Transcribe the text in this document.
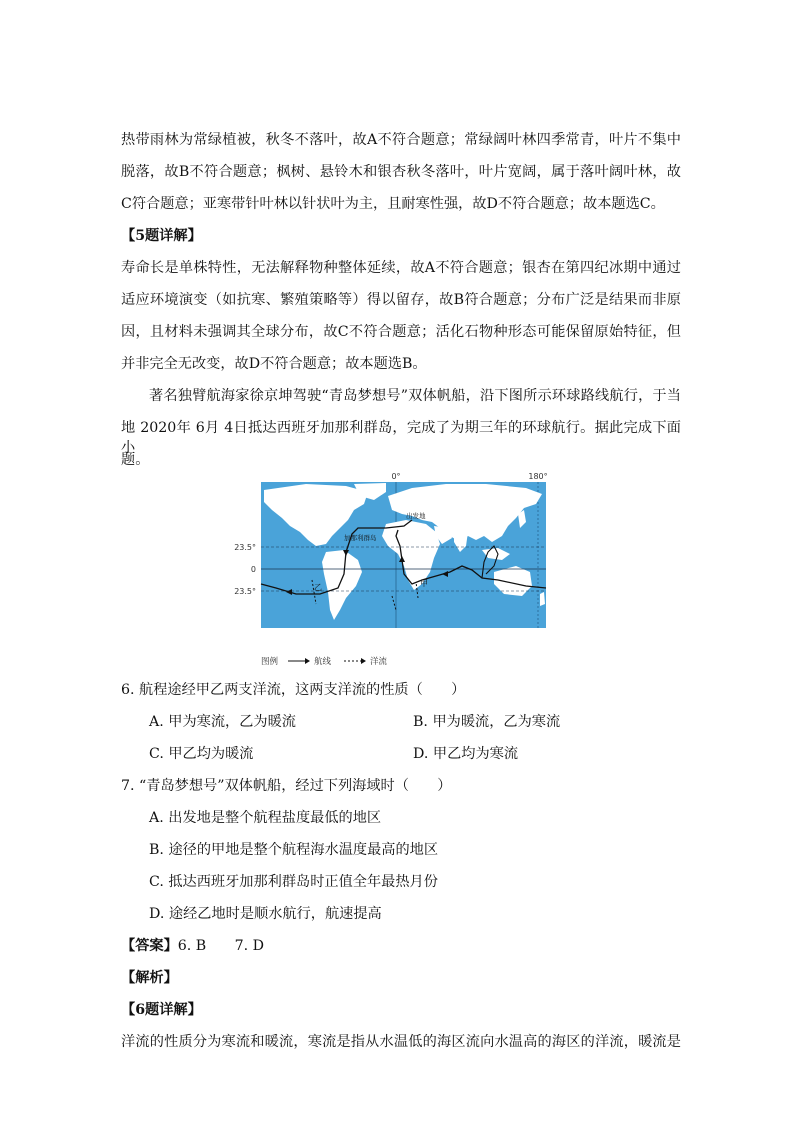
热带雨林为常绿植被，秋冬不落叶，故A不符合题意；常绿阔叶林四季常青，叶片不集中
脱落，故B不符合题意；枫树、悬铃木和银杏秋冬落叶，叶片宽阔，属于落叶阔叶林，故
C符合题意；亚寒带针叶林以针状叶为主，且耐寒性强，故D不符合题意；故本题选C。
【5题详解】
寿命长是单株特性，无法解释物种整体延续，故A不符合题意；银杏在第四纪冰期中通过
适应环境演变（如抗寒、繁殖策略等）得以留存，故B符合题意；分布广泛是结果而非原
因，且材料未强调其全球分布，故C不符合题意；活化石物种形态可能保留原始特征，但
并非完全无改变，故D不符合题意；故本题选B。
著名独臂航海家徐京坤驾驶“青岛梦想号”双体帆船，沿下图所示环球路线航行，于当
地 2020年 6月 4日抵达西班牙加那利群岛，完成了为期三年的环球航行。据此完成下面小
题。
0°	180°
23.5°
0
23.5°
出发地
加那利群岛
甲
乙
图例	航线	洋流
6. 航程途经甲乙两支洋流，这两支洋流的性质（　　）
A. 甲为寒流，乙为暖流	B. 甲为暖流，乙为寒流
C. 甲乙均为暖流	D. 甲乙均为寒流
7. “青岛梦想号”双体帆船，经过下列海域时（　　）
A. 出发地是整个航程盐度最低的地区
B. 途径的甲地是整个航程海水温度最高的地区
C. 抵达西班牙加那利群岛时正值全年最热月份
D. 途经乙地时是顺水航行，航速提高
【答案】6. B　　7. D
【解析】
【6题详解】
洋流的性质分为寒流和暖流，寒流是指从水温低的海区流向水温高的海区的洋流，暖流是
